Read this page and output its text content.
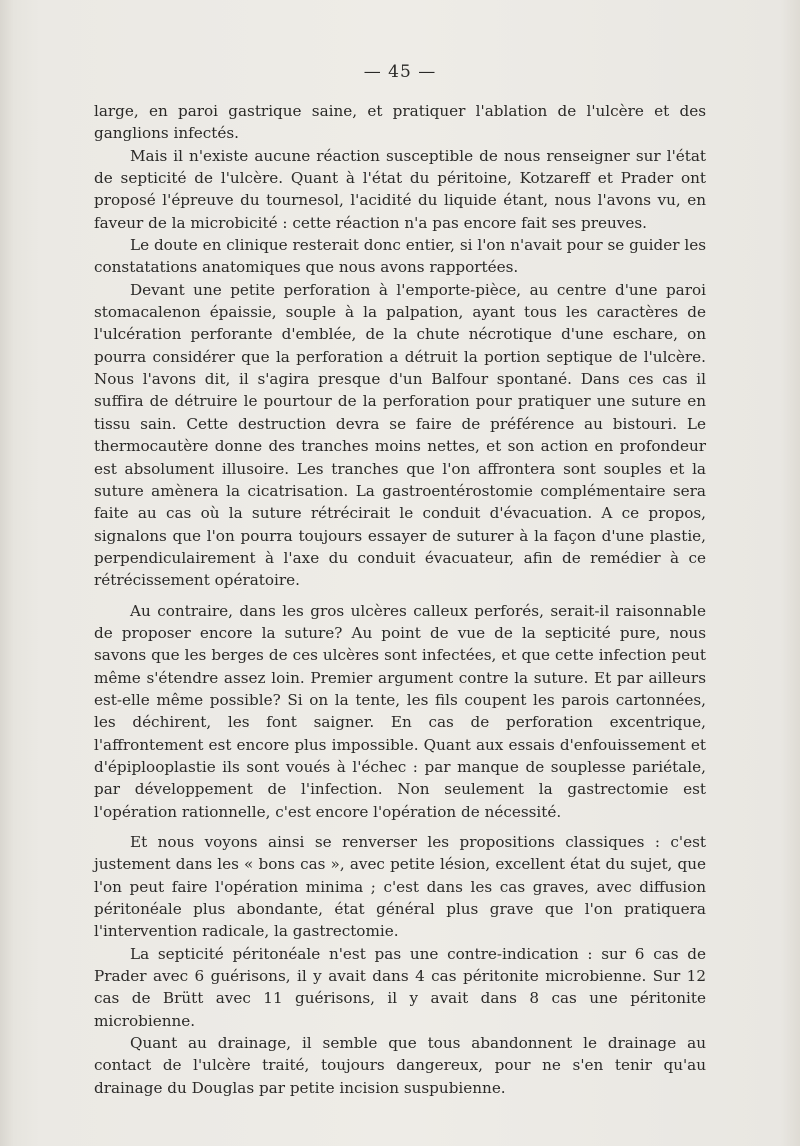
— 45 —

large, en paroi gastrique saine, et pratiquer l'ablation de l'ulcère et des ganglions infectés.

Mais il n'existe aucune réaction susceptible de nous renseigner sur l'état de septicité de l'ulcère. Quant à l'état du péritoine, Kotzareff et Prader ont proposé l'épreuve du tournesol, l'acidité du liquide étant, nous l'avons vu, en faveur de la microbicité : cette réaction n'a pas encore fait ses preuves.

Le doute en clinique resterait donc entier, si l'on n'avait pour se guider les constatations anatomiques que nous avons rapportées.

Devant une petite perforation à l'emporte-pièce, au centre d'une paroi stomacalenon épaissie, souple à la palpation, ayant tous les caractères de l'ulcération perforante d'emblée, de la chute nécrotique d'une eschare, on pourra considérer que la perforation a détruit la portion septique de l'ulcère. Nous l'avons dit, il s'agira presque d'un Balfour spontané. Dans ces cas il suffira de détruire le pourtour de la perforation pour pratiquer une suture en tissu sain. Cette destruction devra se faire de préférence au bistouri. Le thermocautère donne des tranches moins nettes, et son action en profondeur est absolument illusoire. Les tranches que l'on affrontera sont souples et la suture amènera la cicatrisation. La gastroentérostomie complémentaire sera faite au cas où la suture rétrécirait le conduit d'évacuation. A ce propos, signalons que l'on pourra toujours essayer de suturer à la façon d'une plastie, perpendiculairement à l'axe du conduit évacuateur, afin de remédier à ce rétrécissement opératoire.

Au contraire, dans les gros ulcères calleux perforés, serait-il raisonnable de proposer encore la suture? Au point de vue de la septicité pure, nous savons que les berges de ces ulcères sont infectées, et que cette infection peut même s'étendre assez loin. Premier argument contre la suture. Et par ailleurs est-elle même possible? Si on la tente, les fils coupent les parois cartonnées, les déchirent, les font saigner. En cas de perforation excentrique, l'affrontement est encore plus impossible. Quant aux essais d'enfouissement et d'épiplooplastie ils sont voués à l'échec : par manque de souplesse pariétale, par développement de l'infection. Non seulement la gastrectomie est l'opération rationnelle, c'est encore l'opération de nécessité.

Et nous voyons ainsi se renverser les propositions classiques : c'est justement dans les « bons cas », avec petite lésion, excellent état du sujet, que l'on peut faire l'opération minima ; c'est dans les cas graves, avec diffusion péritonéale plus abondante, état général plus grave que l'on pratiquera l'intervention radicale, la gastrectomie.

La septicité péritonéale n'est pas une contre-indication : sur 6 cas de Prader avec 6 guérisons, il y avait dans 4 cas péritonite microbienne. Sur 12 cas de Brütt avec 11 guérisons, il y avait dans 8 cas une péritonite microbienne.

Quant au drainage, il semble que tous abandonnent le drainage au contact de l'ulcère traité, toujours dangereux, pour ne s'en tenir qu'au drainage du Douglas par petite incision suspubienne.
